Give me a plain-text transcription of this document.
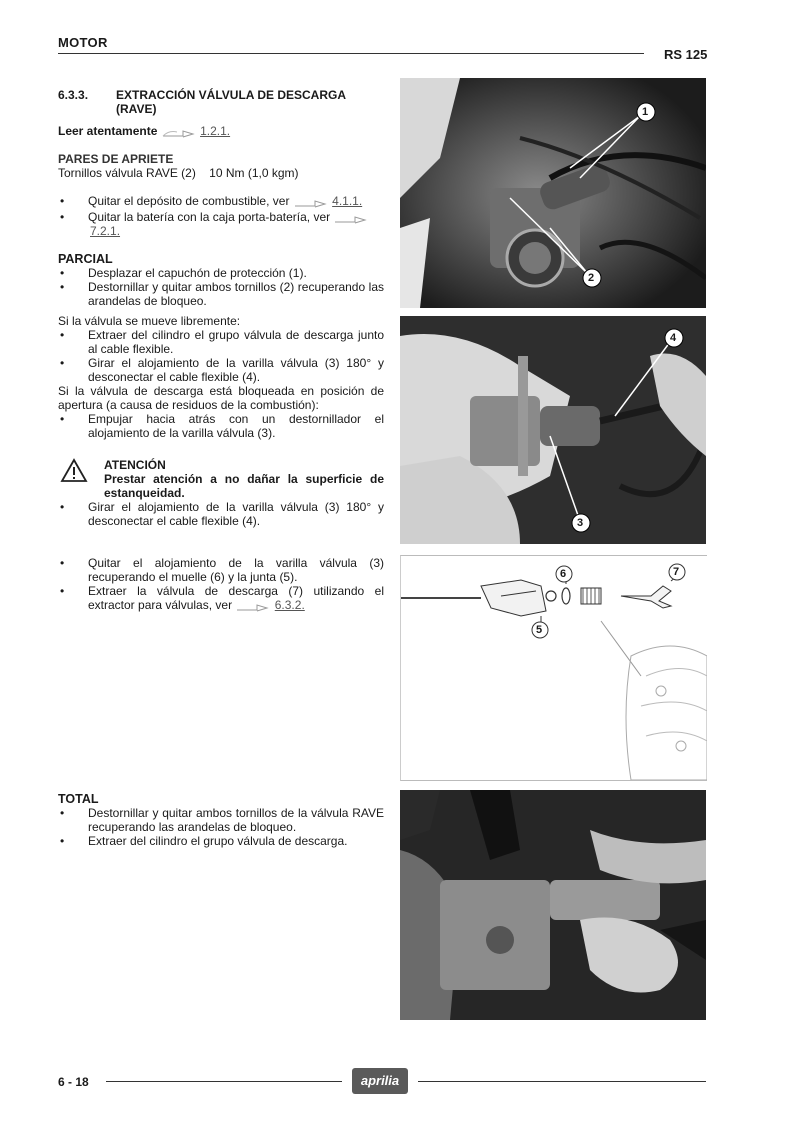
MOTOR
RS 125
6.3.3. EXTRACCIÓN VÁLVULA DE DESCARGA (RAVE)
Leer atentamente	1.2.1.
PARES DE APRIETE
Tornillos válvula RAVE (2)    10 Nm (1,0 kgm)
• Quitar el depósito de combustible, ver	4.1.1.
• Quitar la batería con la caja porta-batería, ver
7.2.1.
PARCIAL
• Desplazar el capuchón de protección (1).
• Destornillar y quitar ambos tornillos (2) recuperando las arandelas de bloqueo.

Si la válvula se mueve libremente:

• Extraer del cilindro el grupo válvula de descarga junto al cable flexible.
• Girar el alojamiento de la varilla válvula (3) 180° y desconectar el cable flexible (4).

Si la válvula de descarga está bloqueada en posición de apertura (a causa de residuos de la combustión):

• Empujar hacia atrás con un destornillador el alojamiento de la varilla válvula (3).
ATENCIÓN
Prestar atención a no dañar la superficie de estanqueidad.
• Girar el alojamiento de la varilla válvula (3) 180° y desconectar el cable flexible (4).
• Quitar el alojamiento de la varilla válvula (3) recuperando el muelle (6) y la junta (5).
• Extraer la válvula de descarga (7) utilizando el extractor para válvulas, ver	6.3.2.
TOTAL
• Destornillar y quitar ambos tornillos de la válvula RAVE recuperando las arandelas de bloqueo.
• Extraer del cilindro el grupo válvula de descarga.
1
2
4
3
6
5
7
6 - 18	aprilia
